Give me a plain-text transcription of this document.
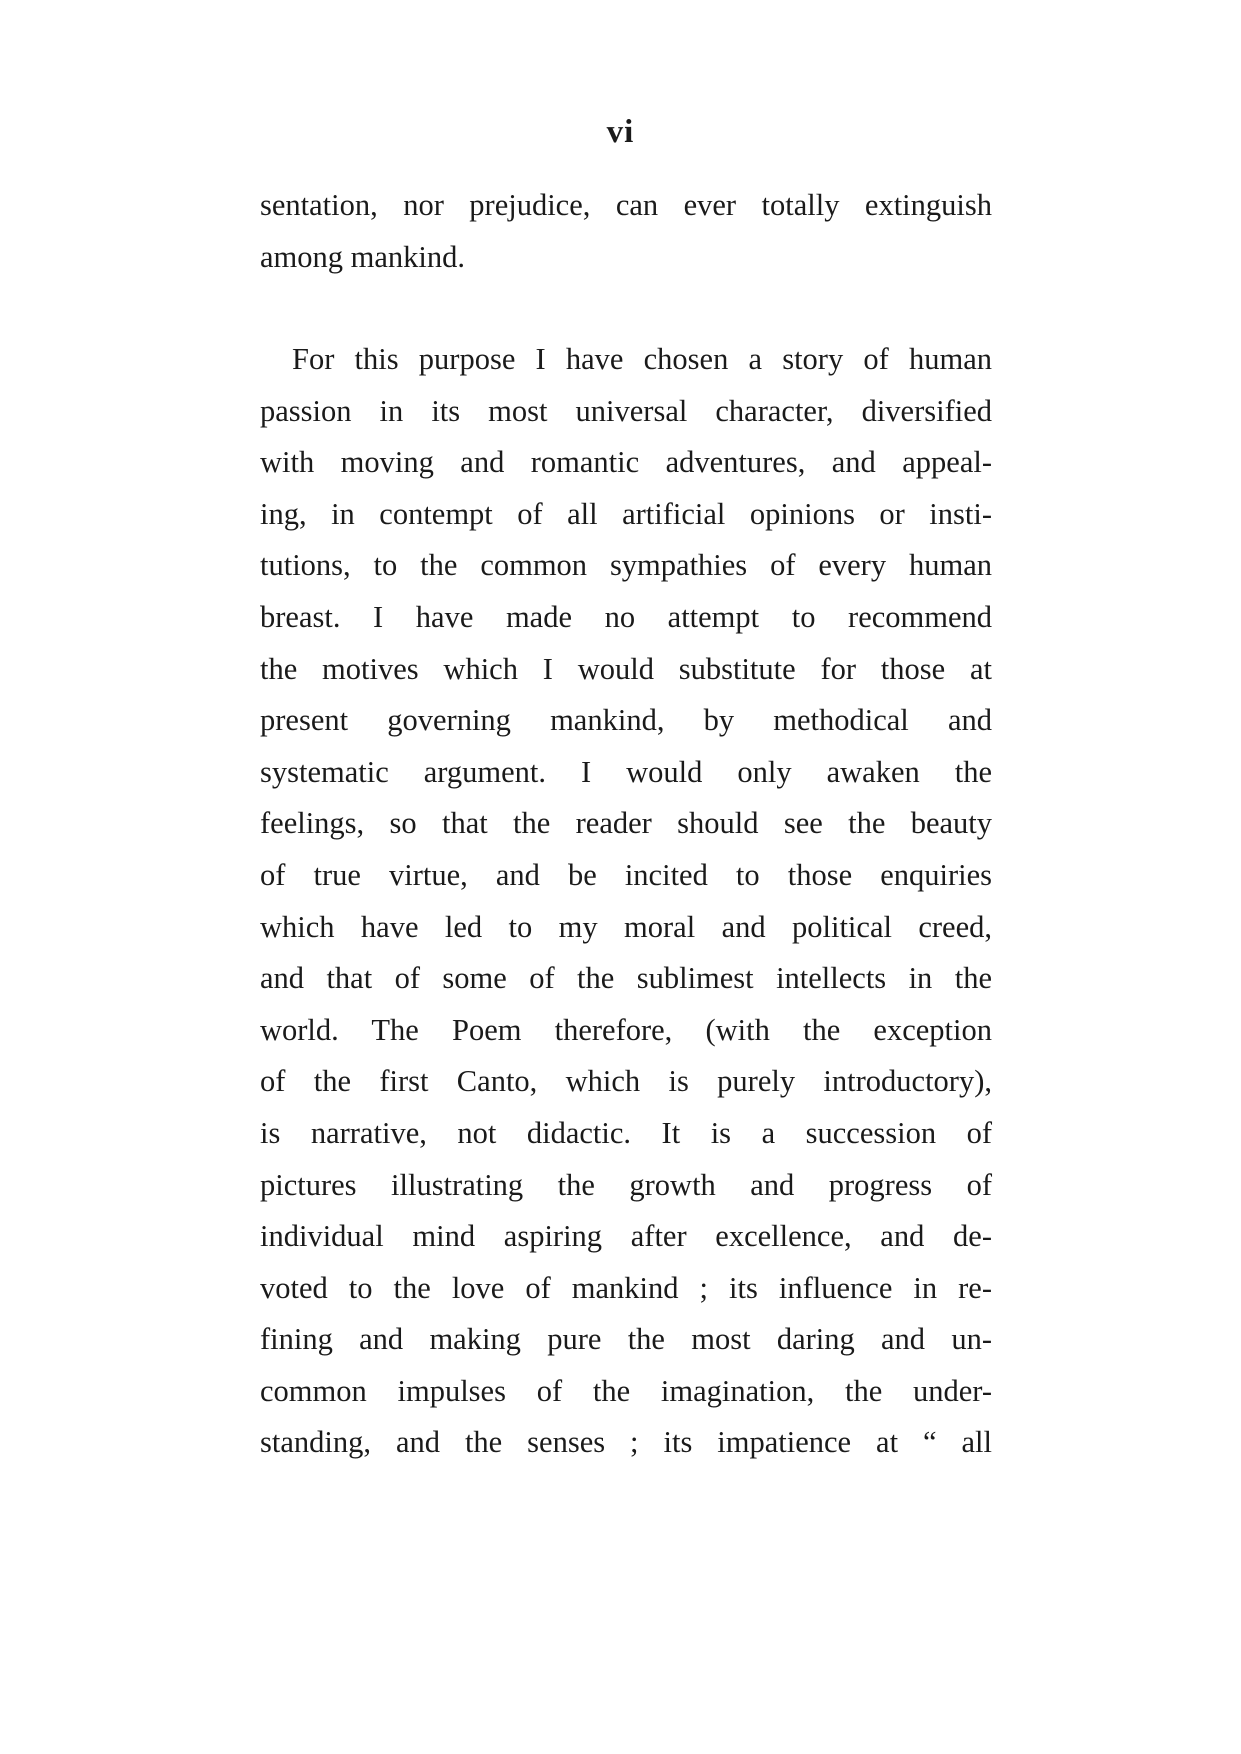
vi
sentation, nor prejudice, can ever totally extinguish
among mankind.
For this purpose I have chosen a story of human
passion in its most universal character, diversified
with moving and romantic adventures, and appeal-
ing, in contempt of all artificial opinions or insti-
tutions, to the common sympathies of every human
breast. I have made no attempt to recommend
the motives which I would substitute for those at
present governing mankind, by methodical and
systematic argument. I would only awaken the
feelings, so that the reader should see the beauty
of true virtue, and be incited to those enquiries
which have led to my moral and political creed,
and that of some of the sublimest intellects in the
world. The Poem therefore, (with the exception
of the first Canto, which is purely introductory),
is narrative, not didactic. It is a succession of
pictures illustrating the growth and progress of
individual mind aspiring after excellence, and de-
voted to the love of mankind ; its influence in re-
fining and making pure the most daring and un-
common impulses of the imagination, the under-
standing, and the senses ; its impatience at “ all
